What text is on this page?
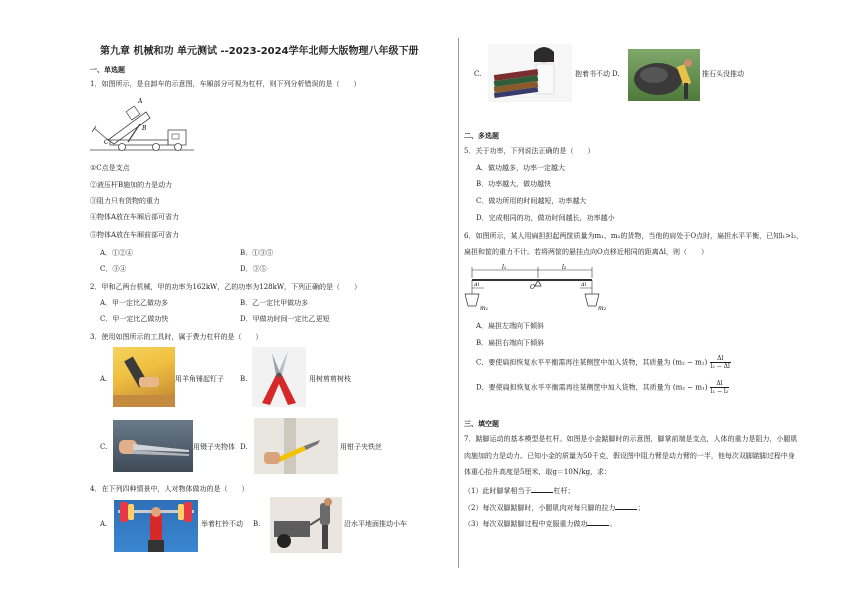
第九章 机械和功 单元测试 --2023-2024学年北师大版物理八年级下册
一、单选题
1．如图所示，是自卸车的示意图，车厢部分可视为杠杆，则下列分析错误的是（　　）
A
B
C
①C点是支点
②液压杆B施加的力是动力
③阻力只有货物的重力
④物体A放在车厢后部可省力
⑤物体A放在车厢前部可省力
A．①②④	B．①③⑤
C．③④	D．③⑤
2．甲和乙两台机械，甲的功率为162kW，乙的功率为128kW，下列正确的是（　　）
A．甲一定比乙做功多	B．乙一定比甲做功多
C．甲一定比乙做功快	D．甲做功时间一定比乙更短
3．使用如图所示的工具时，属于费力杠杆的是（　　）
A.	用羊角锤起钉子 B.	用树剪剪树枝
C.	用镊子夹物体 D.	用钳子夹铁丝
4．在下列四种情景中，人对物体做功的是（　　）
A.	举着杠铃不动 B.	沿水平地面推动小车
C.	抱着书不动 D.	推石头没推动
二、多选题
5．关于功率，下列说法正确的是（　　）
A．做功越多，功率一定越大
B．功率越大，做功越快
C．做功所用的时间越短，功率越大
D．完成相同的功，做功时间越长，功率越小
6．如图所示，某人用扁担担起两筐质量为m₁、m₂的货物，当他的肩处于O点时，扁担水平平衡，已知l₁>l₂，
扁担和筐的重力不计。若将两筐的悬挂点向O点移近相同的距离Δl，则（　　）
l₁	l₂
O
Δl	Δl
m₁	m₂
A．扁担左端向下倾斜
B．扁担右端向下倾斜
C．要使扁担恢复水平平衡需再往某侧筐中加入货物，其质量为 $(m_2 - m_1) \frac{\Delta l}{\text{l₂ − Δl}}$
D．要使扁担恢复水平平衡需再往某侧筐中加入货物，其质量为 $(m_2 - m_1) \frac{\Delta l}{\text{l₁ − l₂}}$
三、填空题
7．踮脚运动的基本模型是杠杆。如图是小金踮脚时的示意图，脚掌前端是支点，人体的重力是阻力，小腿肌
肉施加的力是动力。已知小金的质量为50千克，假设图中阻力臂是动力臂的一半，他每次双脚踮脚过程中身
体重心抬升高度是5厘米，取g＝10N/kg，求：
（1）此时脚掌相当于	杠杆；
（2）每次双脚踮脚时，小腿肌肉对每只脚的拉力	；
（3）每次双脚踮脚过程中克服重力做功	。
